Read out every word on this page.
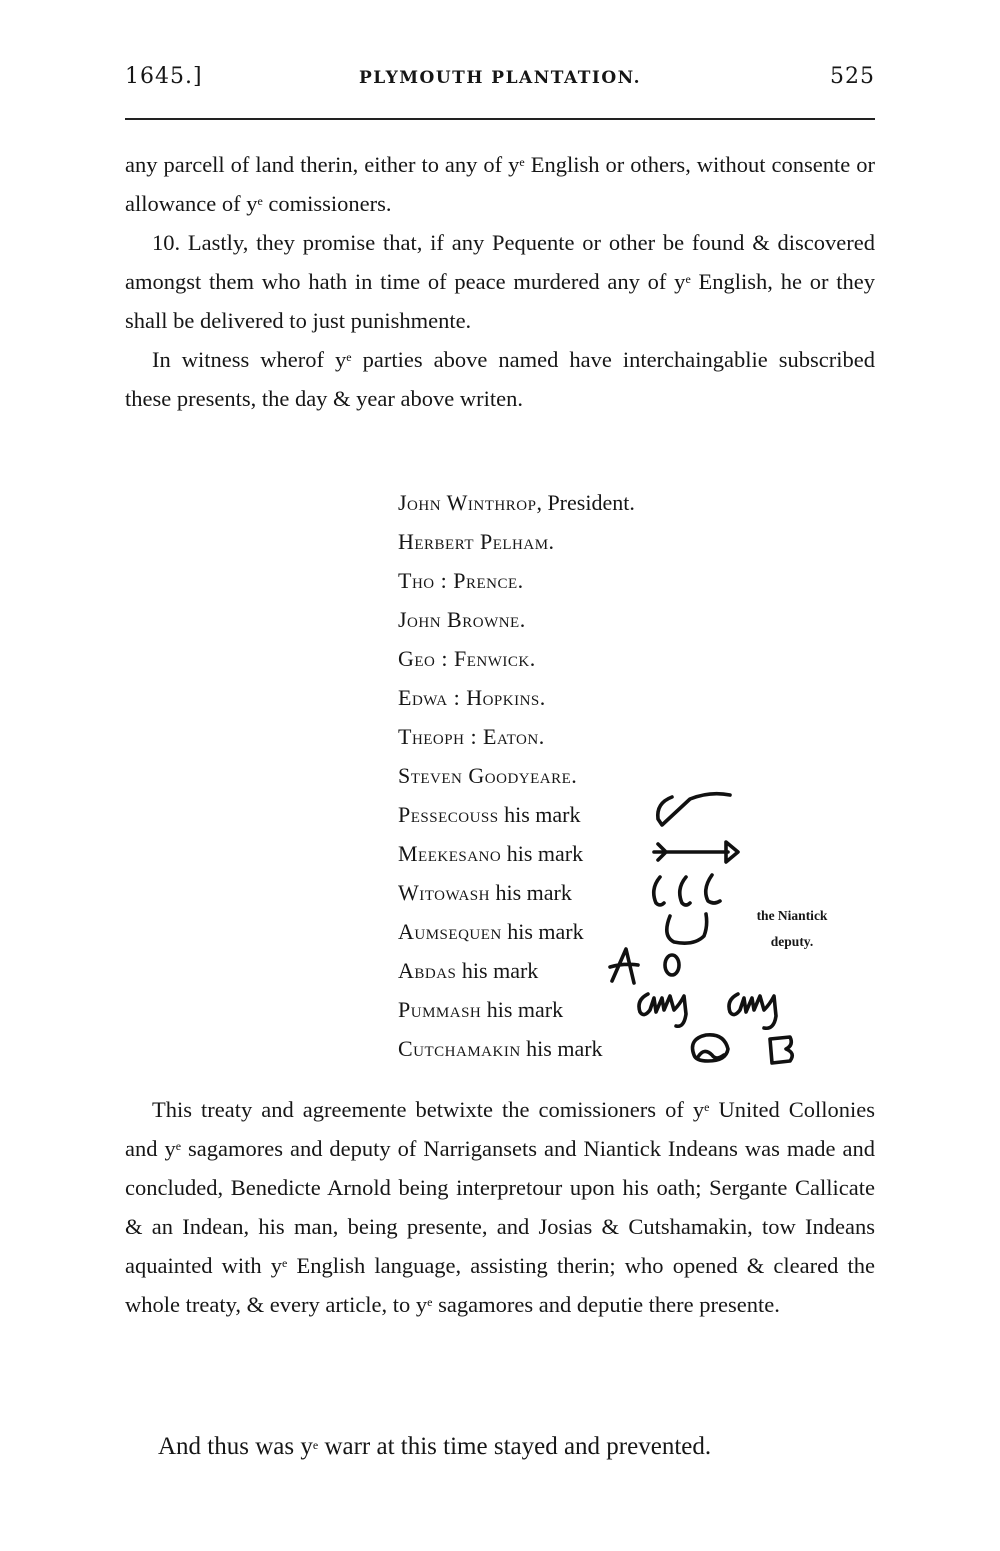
1645.]	PLYMOUTH PLANTATION.	525

any parcell of land therin, either to any of $y^e$ English or others, without consente or allowance of $y^e$ comissioners.

10. Lastly, they promise that, if any Pequente or other be found & discovered amongst them who hath in time of peace murdered any of $y^e$ English, he or they shall be delivered to just punishmente.

In witness wherof $y^e$ parties above named have interchaingablie subscribed these presents, the day & year above writen.

John Winthrop, President.
Herbert Pelham.
Tho : Prence.
John Browne.
Geo : Fenwick.
Edwa : Hopkins.
Theoph : Eaton.
Steven Goodyeare.
Pessecouss his mark
Meekesano his mark
Witowash his mark
Aumsequen his mark
Abdas his mark
Pummash his mark
Cutchamakin his mark
the Niantick
deputy.

This treaty and agreemente betwixte the comissioners of $y^e$ United Collonies and $y^e$ sagamores and deputy of Narrigansets and Niantick Indeans was made and concluded, Benedicte Arnold being interpretour upon his oath; Sergante Callicate & an Indean, his man, being presente, and Josias & Cutshamakin, tow Indeans aquainted with $y^e$ English language, assisting therin; who opened & cleared the whole treaty, & every article, to $y^e$ sagamores and deputie there presente.

And thus was $y^e$ warr at this time stayed and prevented.
